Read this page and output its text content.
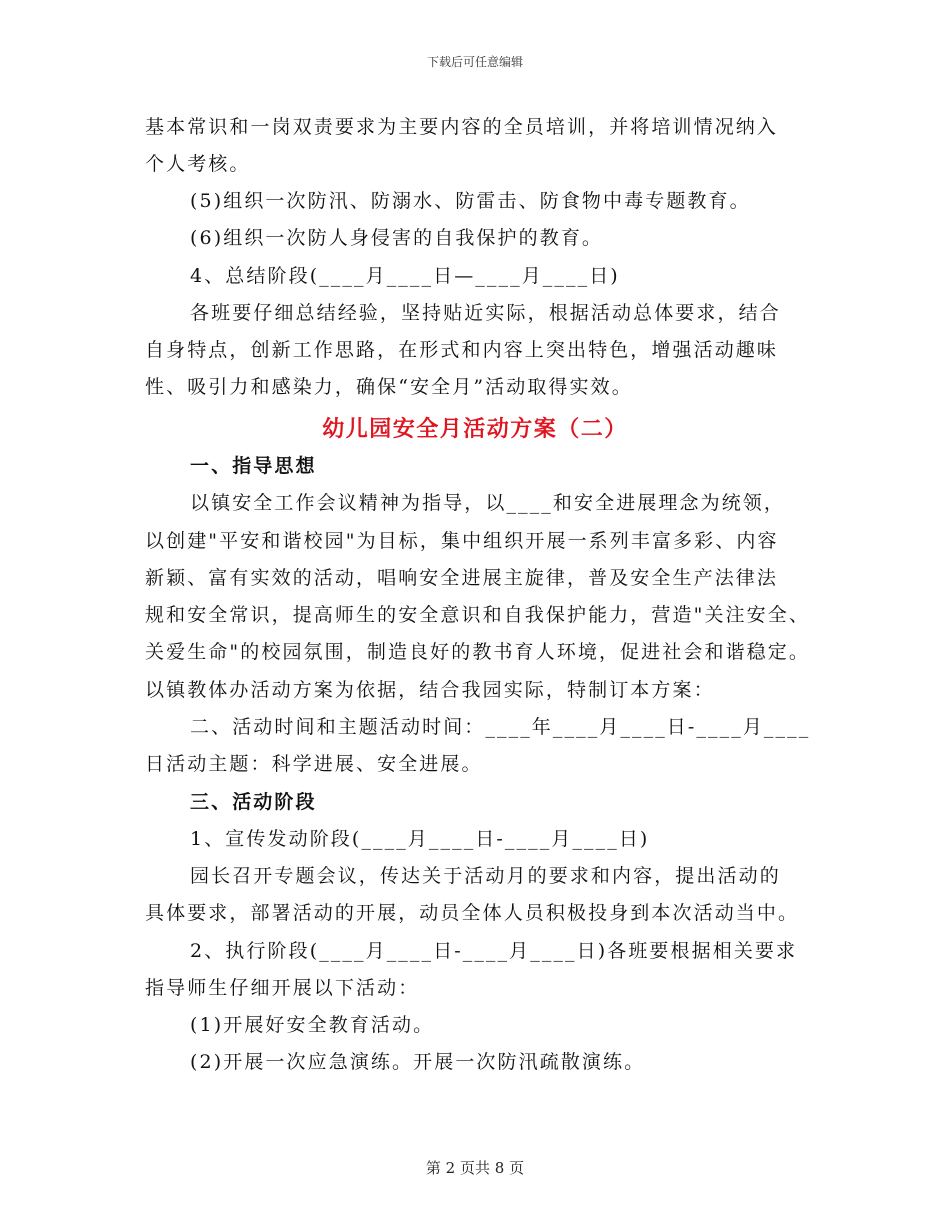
下载后可任意编辑
基本常识和一岗双责要求为主要内容的全员培训，并将培训情况纳入
个人考核。
(5)组织一次防汛、防溺水、防雷击、防食物中毒专题教育。
(6)组织一次防人身侵害的自我保护的教育。
4、总结阶段(____月____日—____月____日)
各班要仔细总结经验，坚持贴近实际，根据活动总体要求，结合
自身特点，创新工作思路，在形式和内容上突出特色，增强活动趣味
性、吸引力和感染力，确保“安全月”活动取得实效。
幼儿园安全月活动方案（二）
一、指导思想
以镇安全工作会议精神为指导，以____和安全进展理念为统领，
以创建"平安和谐校园"为目标，集中组织开展一系列丰富多彩、内容
新颖、富有实效的活动，唱响安全进展主旋律，普及安全生产法律法
规和安全常识，提高师生的安全意识和自我保护能力，营造"关注安全、
关爱生命"的校园氛围，制造良好的教书育人环境，促进社会和谐稳定。
以镇教体办活动方案为依据，结合我园实际，特制订本方案：
二、活动时间和主题活动时间：____年____月____日-____月____
日活动主题：科学进展、安全进展。
三、活动阶段
1、宣传发动阶段(____月____日-____月____日)
园长召开专题会议，传达关于活动月的要求和内容，提出活动的
具体要求，部署活动的开展，动员全体人员积极投身到本次活动当中。
2、执行阶段(____月____日-____月____日)各班要根据相关要求
指导师生仔细开展以下活动：
(1)开展好安全教育活动。
(2)开展一次应急演练。开展一次防汛疏散演练。
第 2 页共 8 页
